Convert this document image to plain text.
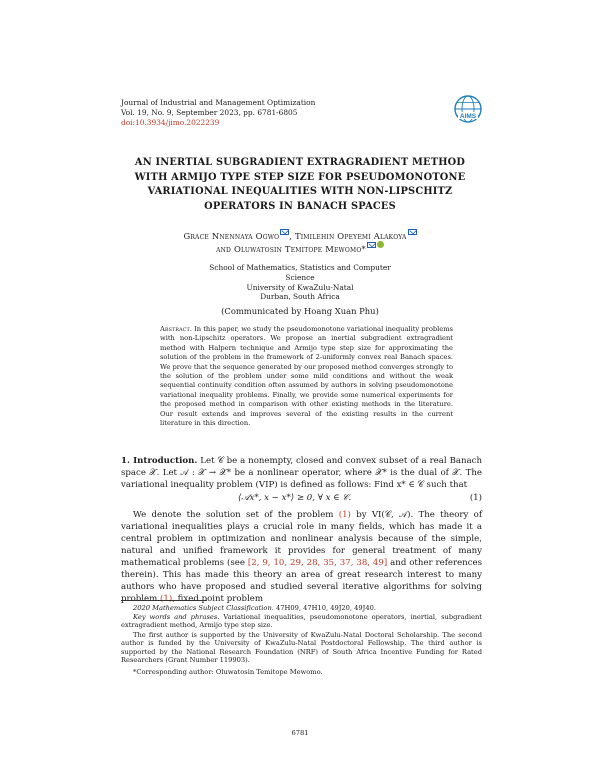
Journal of Industrial and Management Optimization
Vol. 19, No. 9, September 2023, pp. 6781-6805
doi:10.3934/jimo.2022239
AIMS
AN INERTIAL SUBGRADIENT EXTRAGRADIENT METHOD
WITH ARMIJO TYPE STEP SIZE FOR PSEUDOMONOTONE
VARIATIONAL INEQUALITIES WITH NON-LIPSCHITZ
OPERATORS IN BANACH SPACES
Grace Nnennaya Ogwo , Timilehin Opeyemi Alakoya
and Oluwatosin Temitope Mewomo*
School of Mathematics, Statistics and Computer Science
University of KwaZulu-Natal
Durban, South Africa
(Communicated by Hoang Xuan Phu)
Abstract. In this paper, we study the pseudomonotone variational inequality problems with non-Lipschitz operators. We propose an inertial subgradient extragradient method with Halpern technique and Armijo type step size for approximating the solution of the problem in the framework of 2-uniformly convex real Banach spaces. We prove that the sequence generated by our proposed method converges strongly to the solution of the problem under some mild conditions and without the weak sequential continuity condition often assumed by authors in solving pseudomonotone variational inequality problems. Finally, we provide some numerical experiments for the proposed method in comparison with other existing methods in the literature. Our result extends and improves several of the existing results in the current literature in this direction.
1. Introduction. Let 𝒞 be a nonempty, closed and convex subset of a real Banach space 𝒳. Let 𝒜 : 𝒳 → 𝒳* be a nonlinear operator, where 𝒳* is the dual of 𝒳. The variational inequality problem (VIP) is defined as follows: Find x* ∈ 𝒞 such that
⟨𝒜x*, x − x*⟩ ≥ 0, ∀ x ∈ 𝒞.	(1)
We denote the solution set of the problem (1) by VI(𝒞, 𝒜). The theory of variational inequalities plays a crucial role in many fields, which has made it a central problem in optimization and nonlinear analysis because of the simple, natural and unified framework it provides for general treatment of many mathematical problems (see [2, 9, 10, 29, 28, 35, 37, 38, 49] and other references therein). This has made this theory an area of great research interest to many authors who have proposed and studied several iterative algorithms for solving problem (1), fixed point problem
2020 Mathematics Subject Classification. 47H09, 47H10, 49J20, 49J40.
Key words and phrases. Variational inequalities, pseudomonotone operators, inertial, subgradient extragradient method, Armijo type step size.
The first author is supported by the University of KwaZulu-Natal Doctoral Scholarship. The second author is funded by the University of KwaZulu-Natal Postdoctoral Fellowship. The third author is supported by the National Research Foundation (NRF) of South Africa Incentive Funding for Rated Researchers (Grant Number 119903).
*Corresponding author: Oluwatosin Temitope Mewomo.
6781
